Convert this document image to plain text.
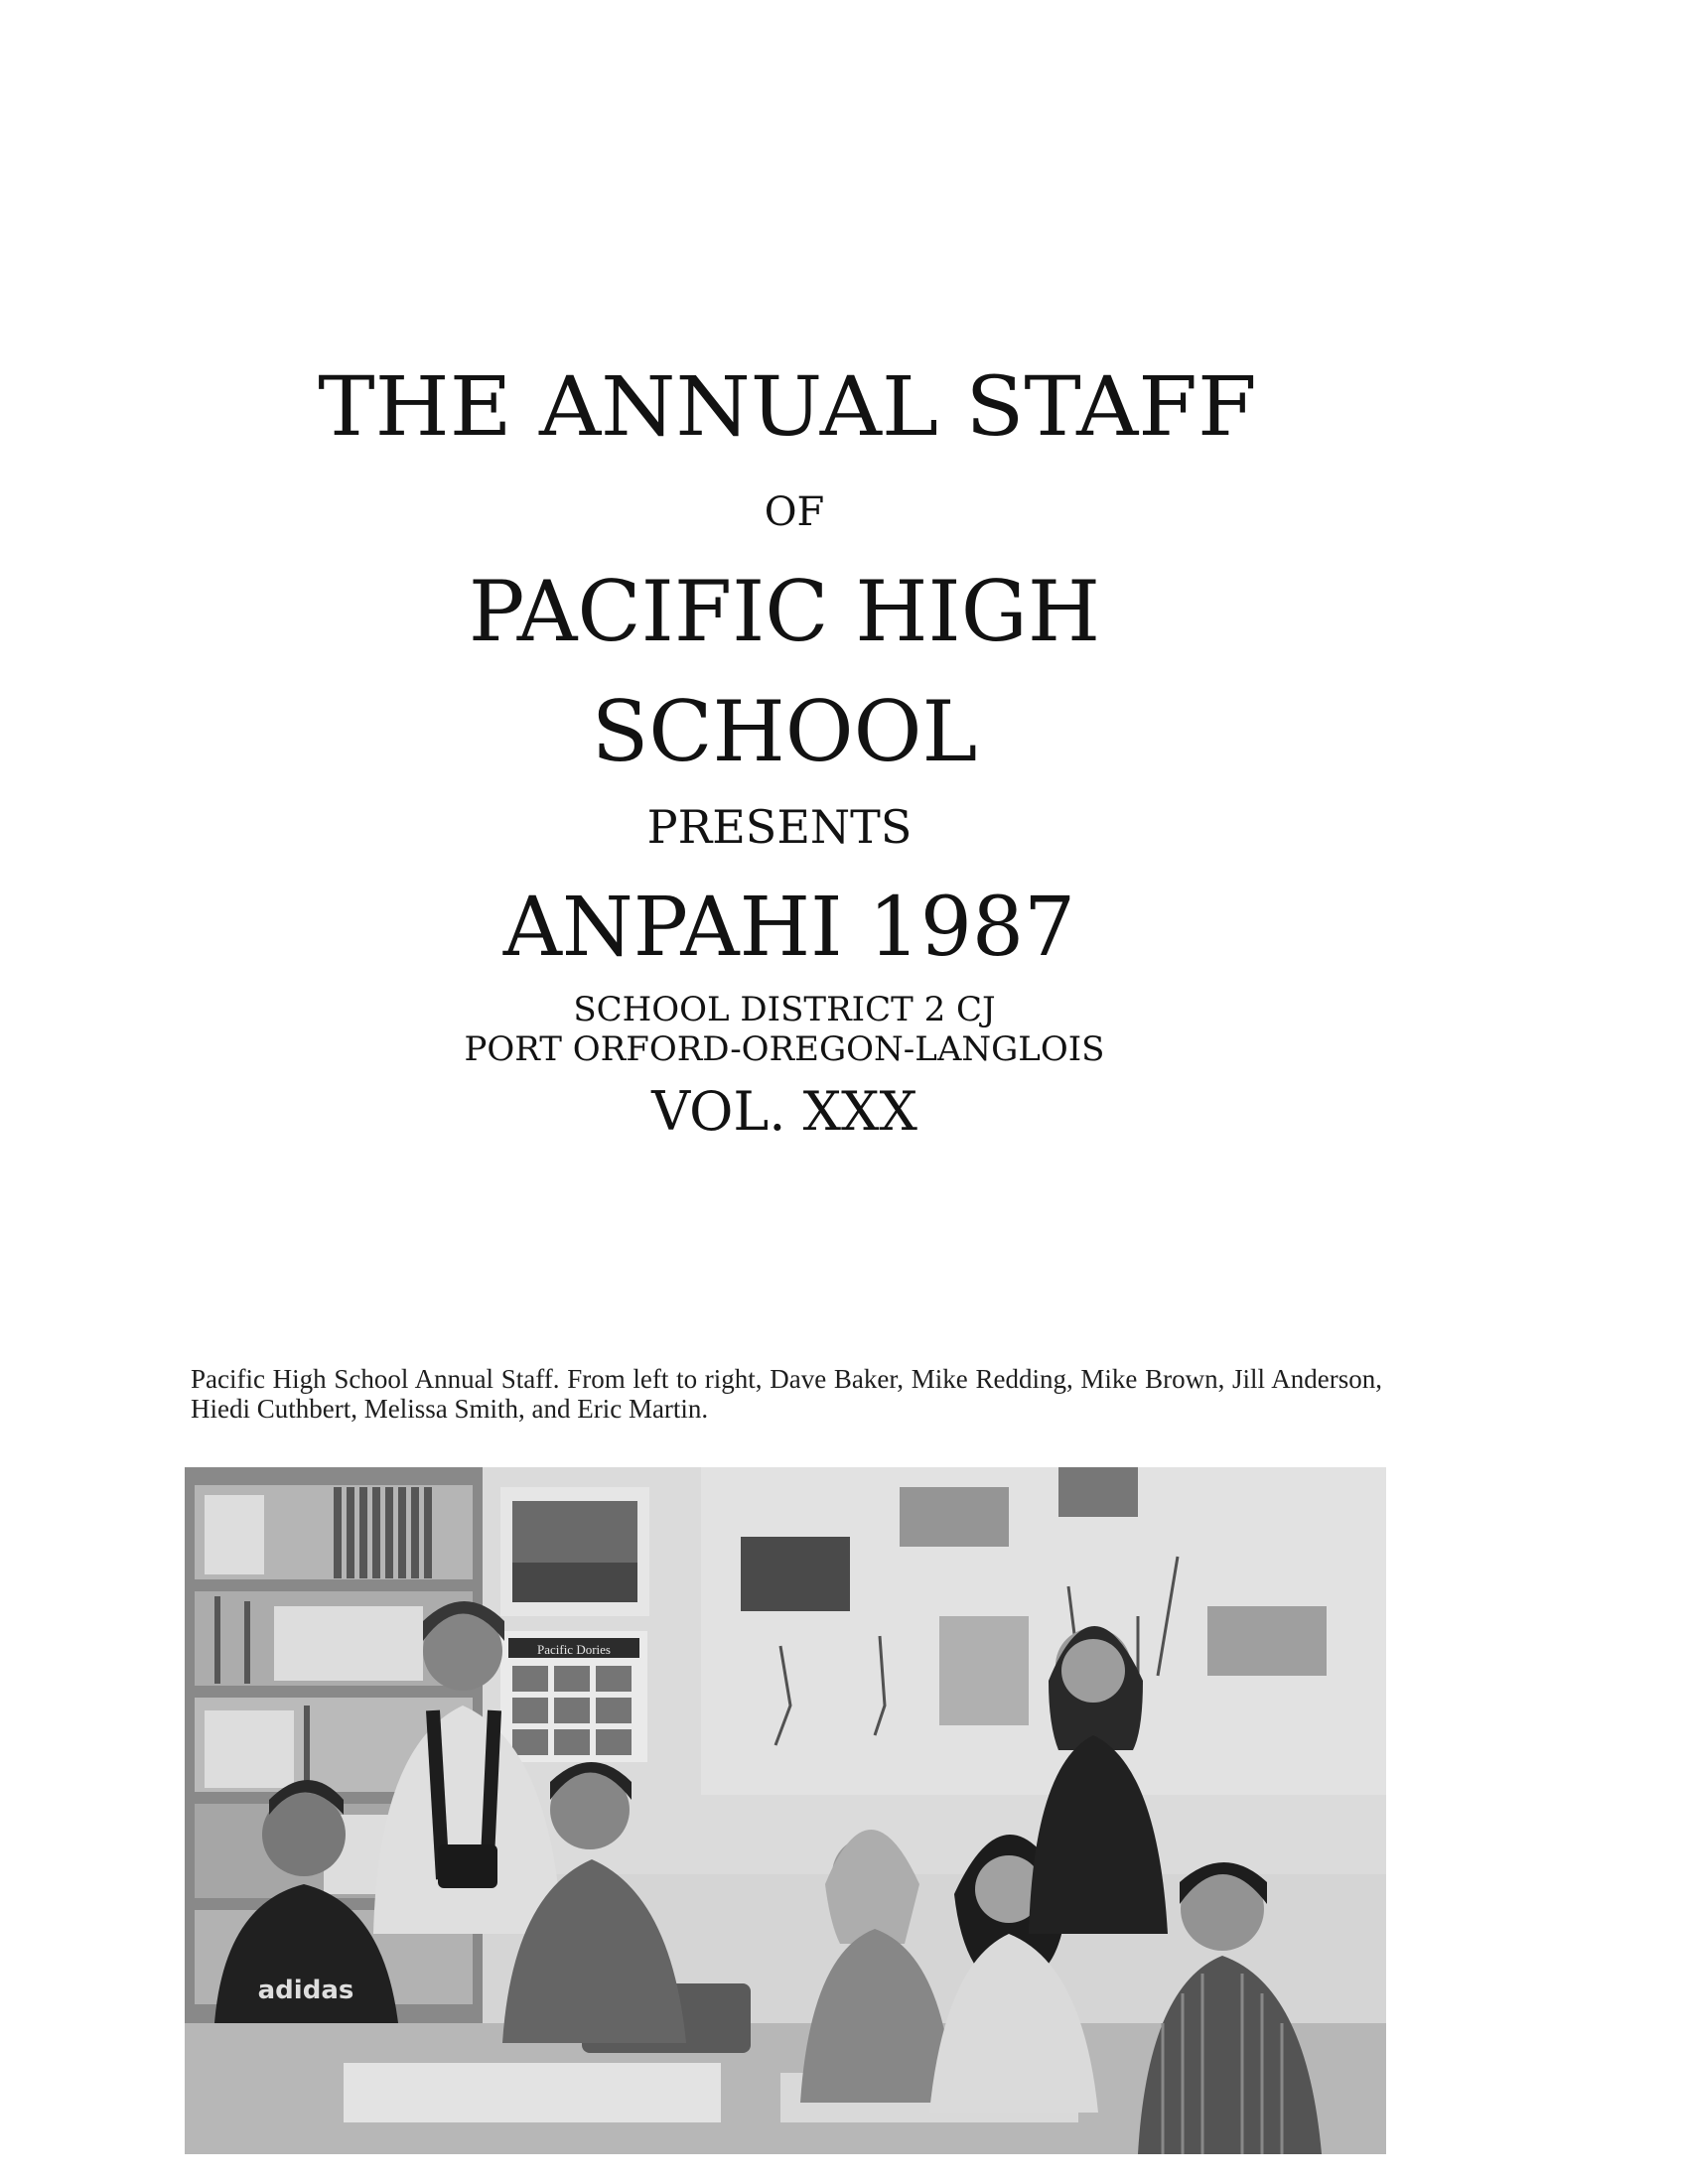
THE ANNUAL STAFF
OF
PACIFIC HIGH
SCHOOL
PRESENTS
ANPAHI 1987
SCHOOL DISTRICT 2 CJ
PORT ORFORD-OREGON-LANGLOIS
VOL. XXX
Pacific High School Annual Staff. From left to right, Dave Baker, Mike Redding, Mike Brown, Jill Anderson, Hiedi Cuthbert, Melissa Smith, and Eric Martin.
Pacific Dories
adidas
